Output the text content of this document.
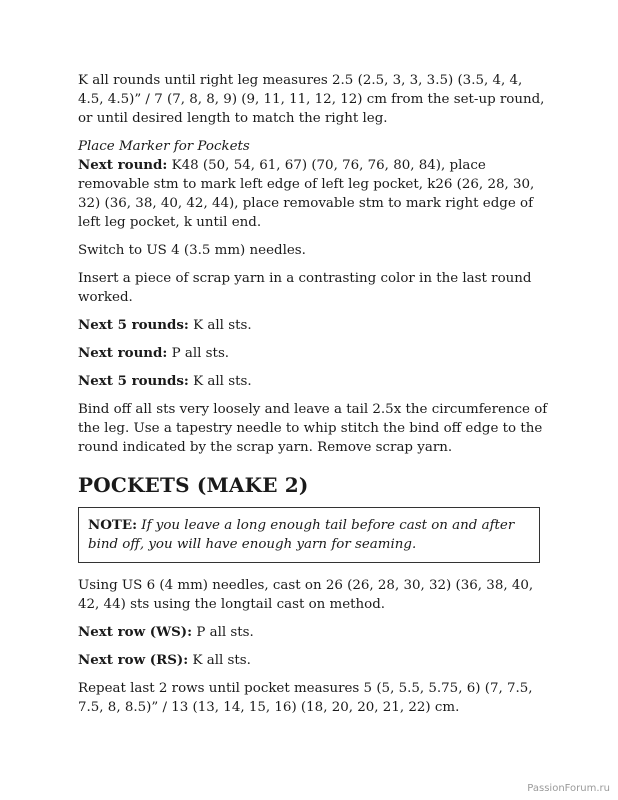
K all rounds until right leg measures 2.5 (2.5, 3, 3, 3.5) (3.5, 4, 4, 4.5, 4.5)” / 7 (7, 8, 8, 9) (9, 11, 11, 12, 12) cm from the set-up round, or until desired length to match the right leg.

Place Marker for Pockets

Next round: K48 (50, 54, 61, 67) (70, 76, 76, 80, 84), place removable stm to mark left edge of left leg pocket, k26 (26, 28, 30, 32) (36, 38, 40, 42, 44), place removable stm to mark right edge of left leg pocket, k until end.

Switch to US 4 (3.5 mm) needles.

Insert a piece of scrap yarn in a contrasting color in the last round worked.

Next 5 rounds: K all sts.

Next round: P all sts.

Next 5 rounds: K all sts.

Bind off all sts very loosely and leave a tail 2.5x the circumference of the leg. Use a tapestry needle to whip stitch the bind off edge to the round indicated by the scrap yarn. Remove scrap yarn.

POCKETS (MAKE 2)

NOTE: If you leave a long enough tail before cast on and after bind off, you will have enough yarn for seaming.

Using US 6 (4 mm) needles, cast on 26 (26, 28, 30, 32) (36, 38, 40, 42, 44) sts using the longtail cast on method.

Next row (WS): P all sts.

Next row (RS): K all sts.

Repeat last 2 rows until pocket measures 5 (5, 5.5, 5.75, 6) (7, 7.5, 7.5, 8, 8.5)” / 13 (13, 14, 15, 16) (18, 20, 20, 21, 22) cm.

PassionForum.ru
